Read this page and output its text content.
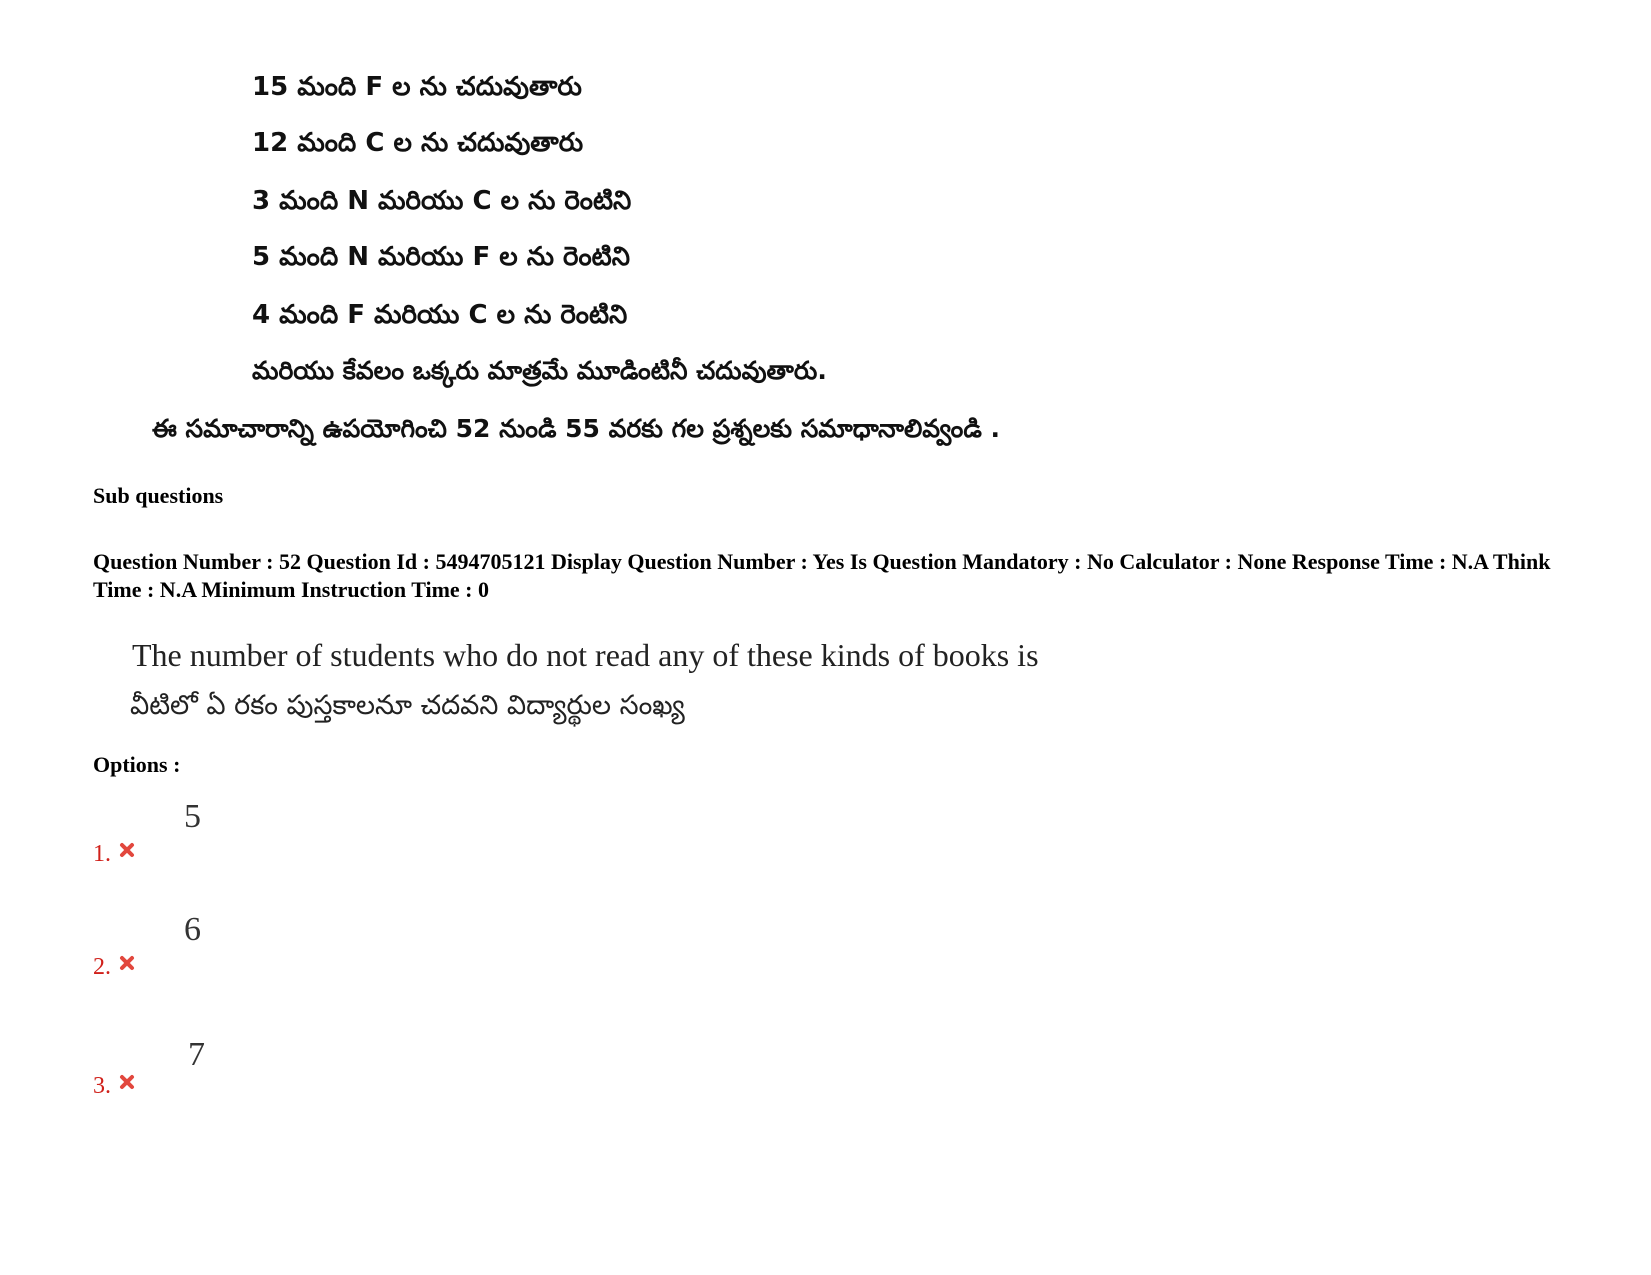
15 మంది F ల ను చదువుతారు
12 మంది C ల ను చదువుతారు
3 మంది N మరియు C ల ను రెంటిని
5 మంది N మరియు F ల ను రెంటిని
4 మంది F మరియు C ల ను రెంటిని
మరియు కేవలం ఒక్కరు మాత్రమే మూడింటినీ చదువుతారు.
ఈ సమాచారాన్ని ఉపయోగించి 52 నుండి 55 వరకు గల ప్రశ్నలకు సమాధానాలివ్వండి .
Sub questions
Question Number : 52 Question Id : 5494705121 Display Question Number : Yes Is Question Mandatory : No Calculator : None Response Time : N.A Think Time : N.A Minimum Instruction Time : 0
The number of students who do not read any of these kinds of books is
వీటిలో ఏ రకం పుస్తకాలనూ చదవని విద్యార్థుల సంఖ్య
Options :
5
1.
6
2.
7
3.
